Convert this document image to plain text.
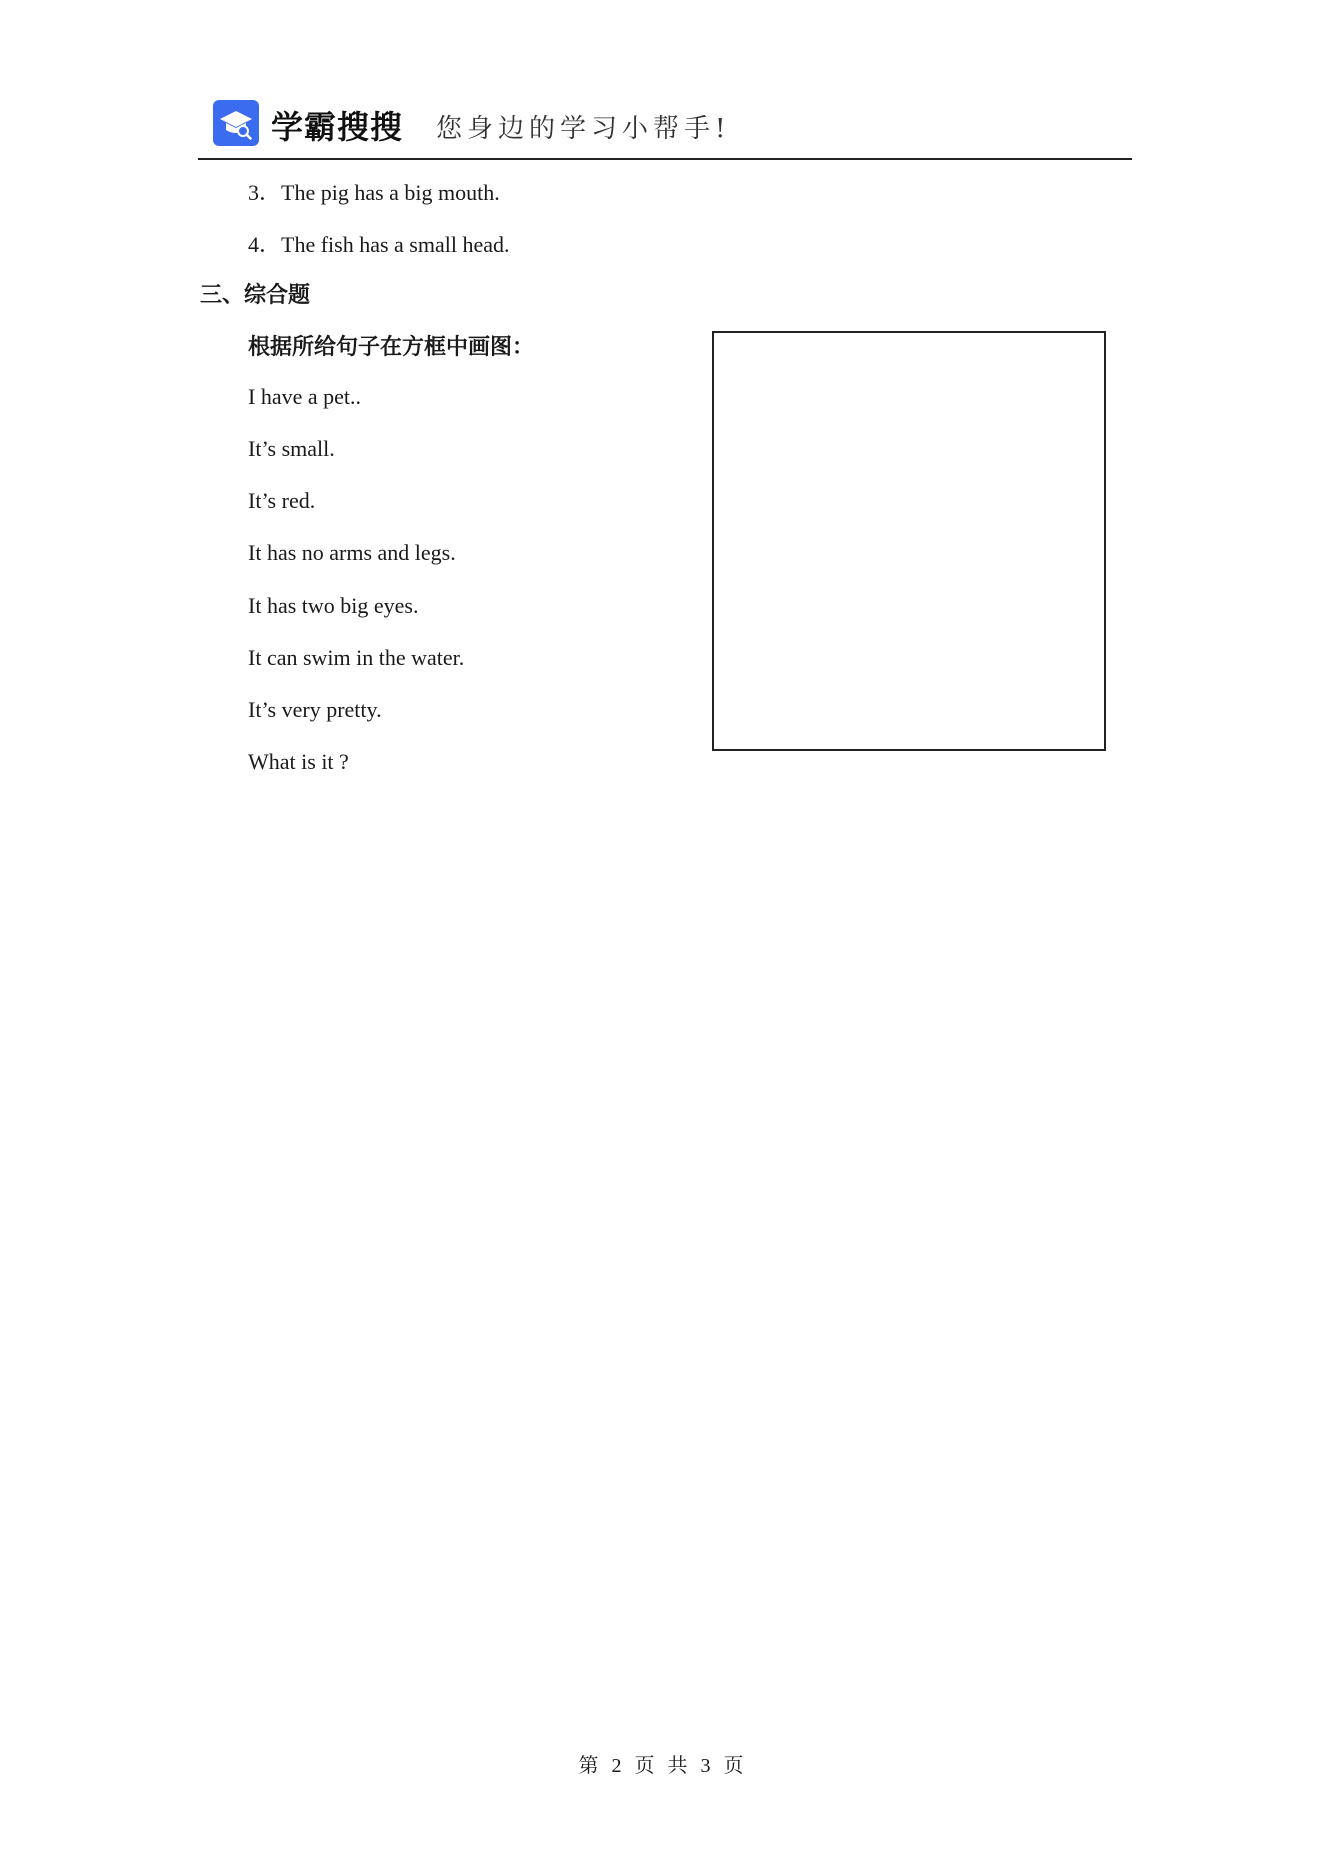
学霸搜搜 您身边的学习小帮手!
3．The pig has a big mouth.
4．The fish has a small head.
三、综合题
根据所给句子在方框中画图：
I have a pet..
It’s small.
It’s red.
It has no arms and legs.
It has two big eyes.
It can swim in the water.
It’s very pretty.
What is it ?
第 2 页 共 3 页
